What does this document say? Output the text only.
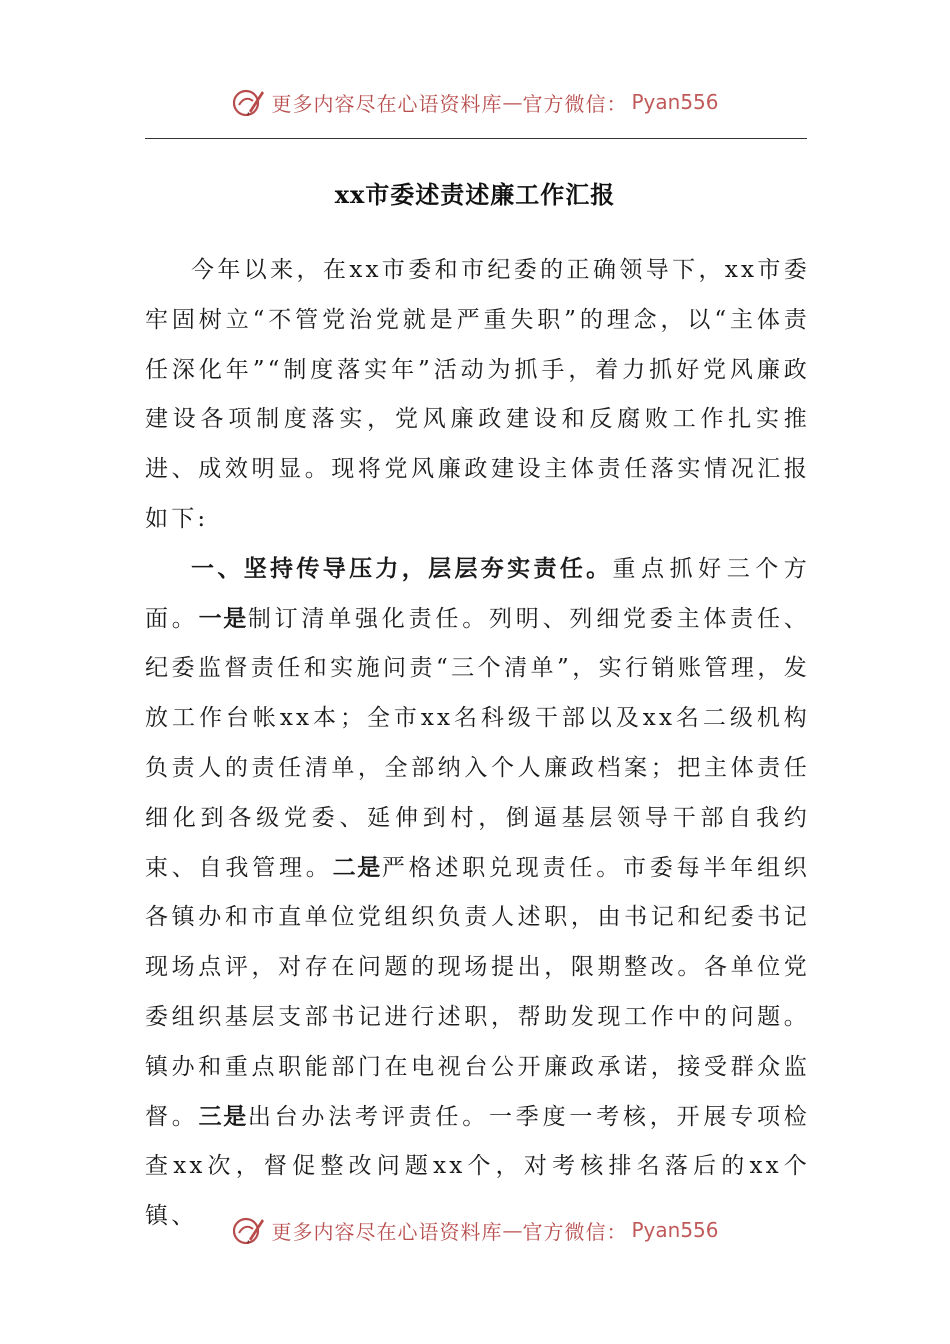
更多内容尽在心语资料库 — 官方微信： Pyan556
xx市委述责述廉工作汇报

今年以来，在xx市委和市纪委的正确领导下，xx市委牢固树立“不管党治党就是严重失职”的理念，以“主体责任深化年”“制度落实年”活动为抓手，着力抓好党风廉政建设各项制度落实，党风廉政建设和反腐败工作扎实推进、成效明显。现将党风廉政建设主体责任落实情况汇报如下:

一、坚持传导压力，层层夯实责任。重点抓好三个方面。一是制订清单强化责任。列明、列细党委主体责任、纪委监督责任和实施问责“三个清单”，实行销账管理，发放工作台帐xx本；全市xx名科级干部以及xx名二级机构负责人的责任清单，全部纳入个人廉政档案；把主体责任细化到各级党委、延伸到村，倒逼基层领导干部自我约束、自我管理。二是严格述职兑现责任。市委每半年组织各镇办和市直单位党组织负责人述职，由书记和纪委书记现场点评，对存在问题的现场提出，限期整改。各单位党委组织基层支部书记进行述职，帮助发现工作中的问题。镇办和重点职能部门在电视台公开廉政承诺，接受群众监督。三是出台办法考评责任。一季度一考核，开展专项检查xx次，督促整改问题xx个，对考核排名落后的xx个镇、

更多内容尽在心语资料库 — 官方微信： Pyan556
